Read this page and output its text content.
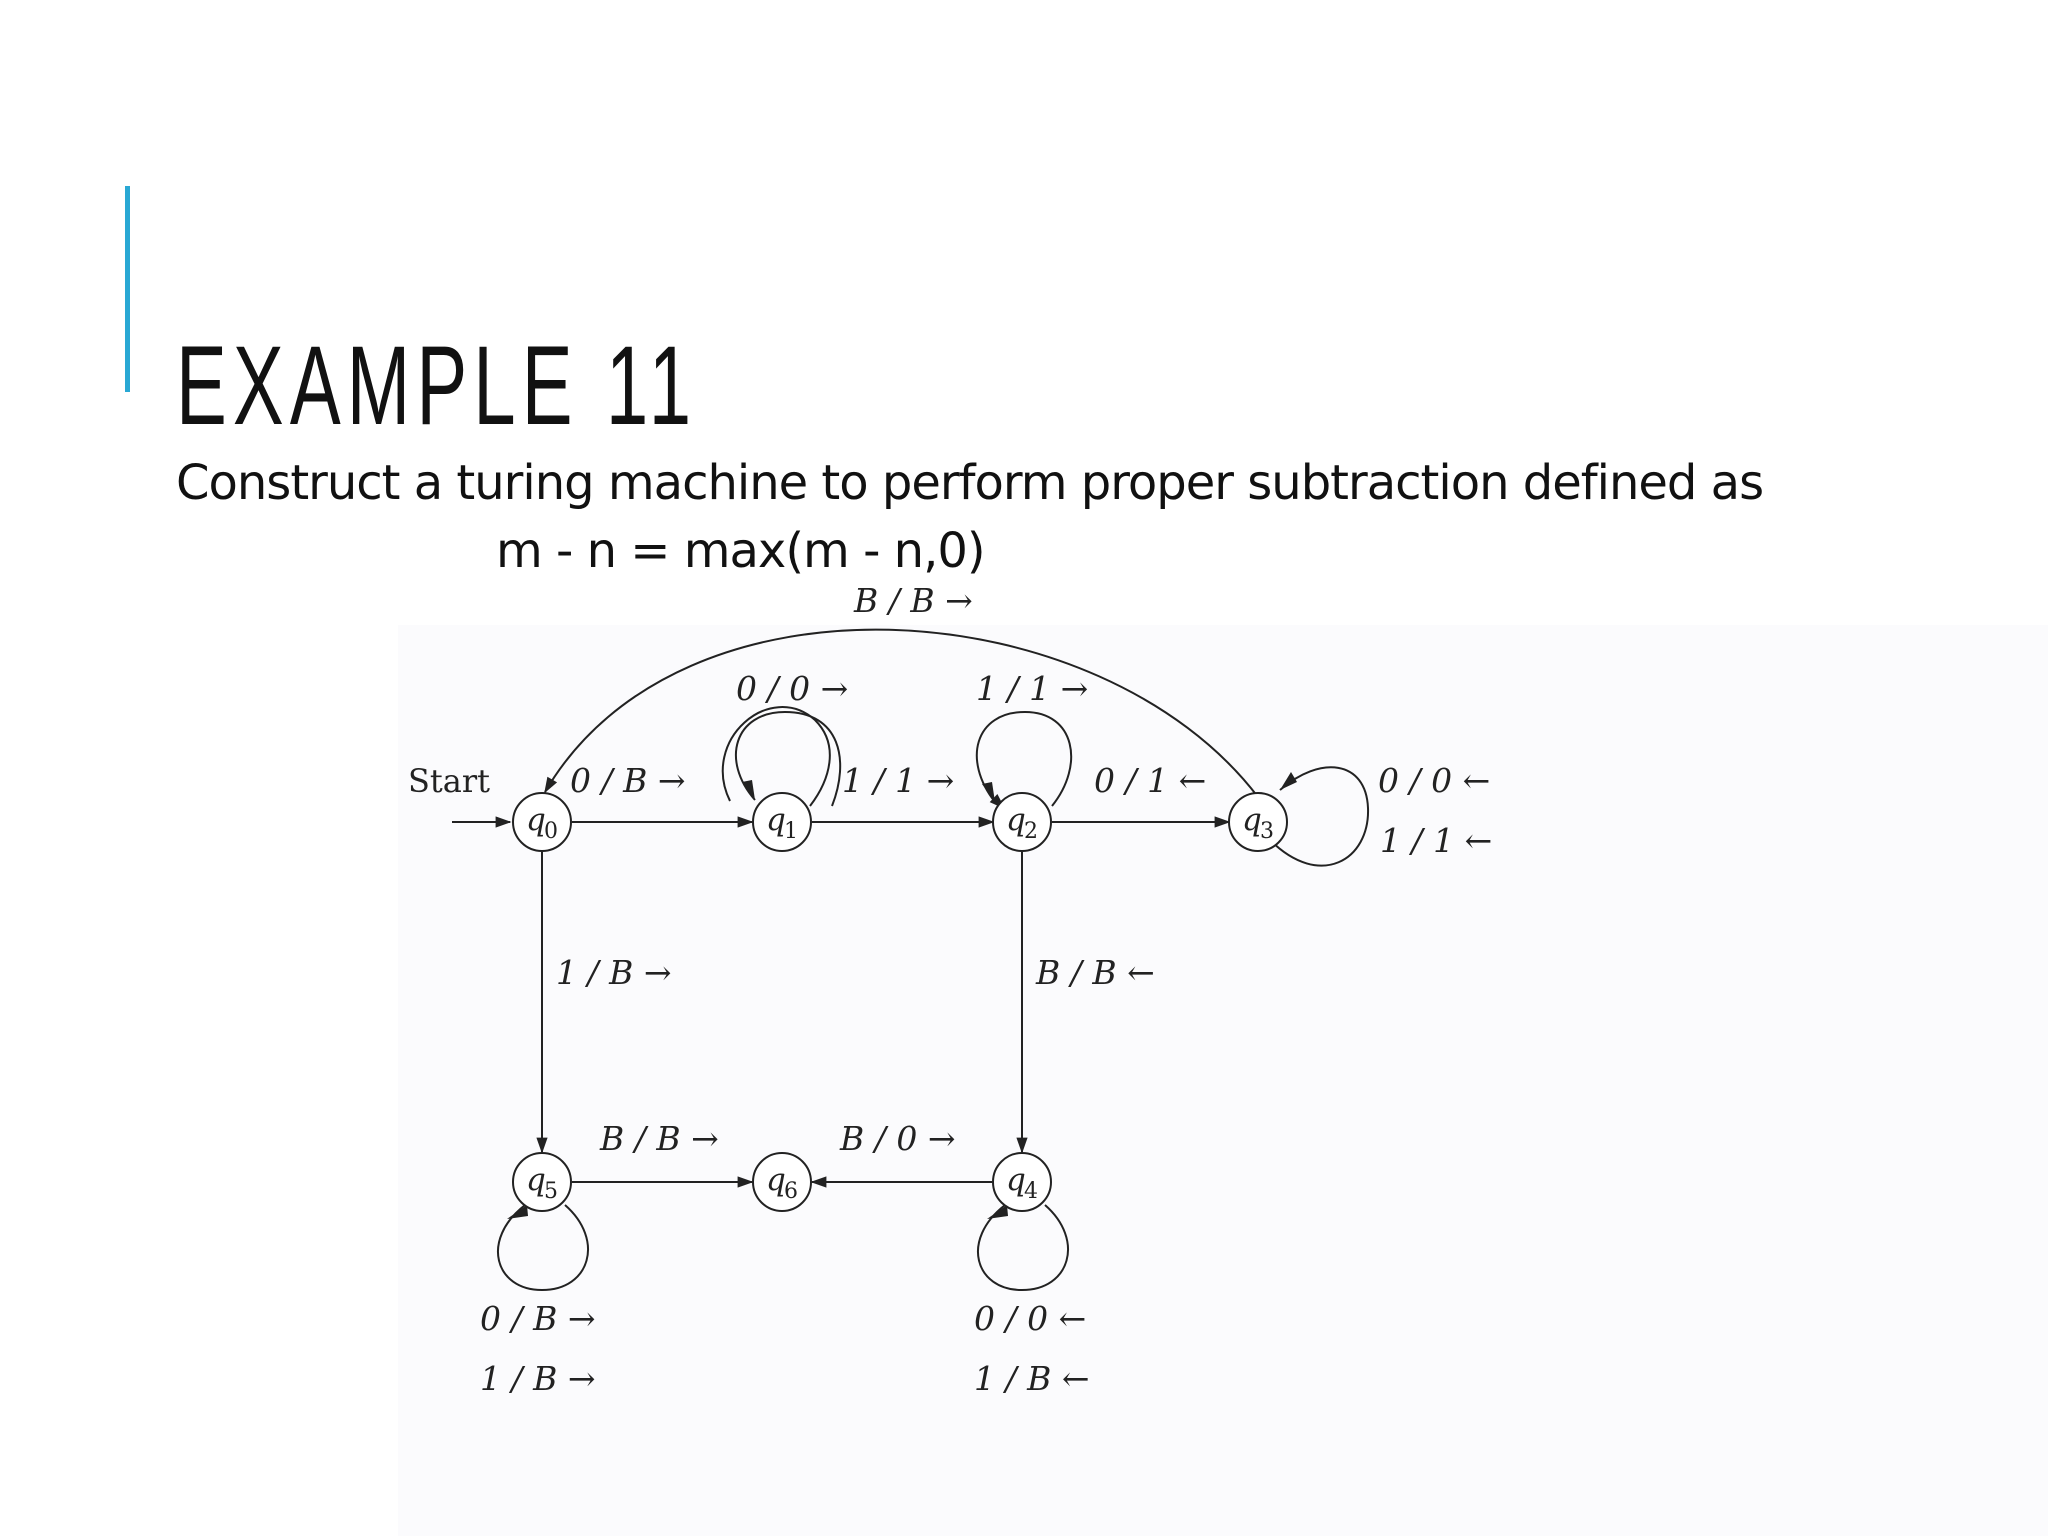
EXAMPLE 11
Construct a turing machine to perform proper subtraction defined as
m - n = max(m - n,0)
q
0	q
1	q
2	q
3
q
4
q
5	q
6
Start 0 / B →
0 / 0 →
1 / 1 →
1 / 1 →
0 / 1 ←	0 / 0 ←
1 / 1 ←
B / B →
1 / B →	B / B ←
B / B →	B / 0 →
0 / B →
1 / B →
0 / 0 ←
1 / B ←
